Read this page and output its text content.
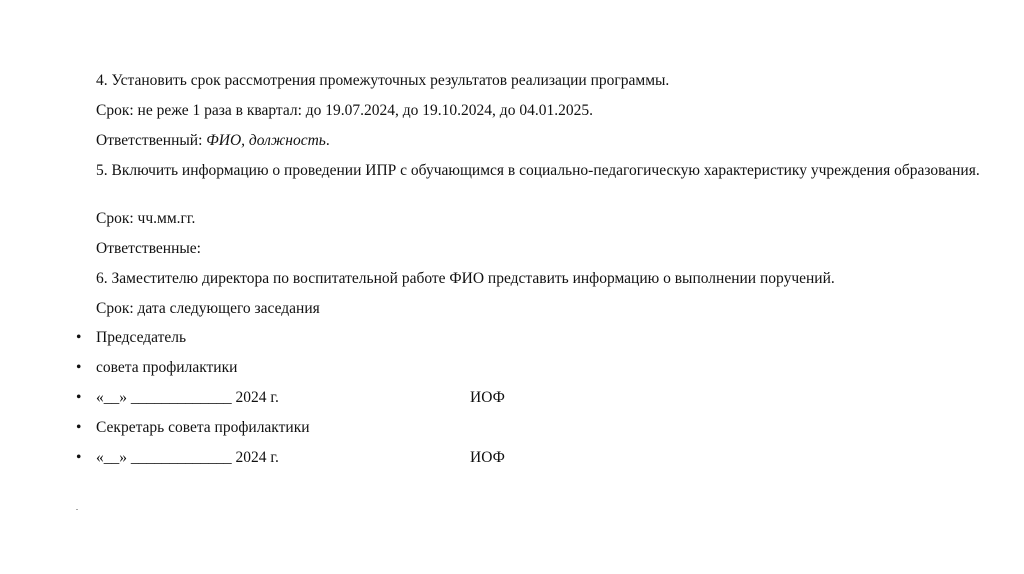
4. Установить срок рассмотрения промежуточных результатов реализации программы.
Срок: не реже 1 раза в квартал: до 19.07.2024, до 19.10.2024, до 04.01.2025.
Ответственный: ФИО, должность.
5. Включить информацию о проведении ИПР с обучающимся в социально-педагогическую характеристику учреждения образования.
Срок: чч.мм.гг.
Ответственные:
6. Заместителю директора по воспитательной работе ФИО представить информацию о выполнении поручений.
Срок: дата следующего заседания
Председатель
совета профилактики
«__» _____________ 2024 г.	ИОФ
Секретарь совета профилактики
«__» _____________ 2024 г.	ИОФ
.
